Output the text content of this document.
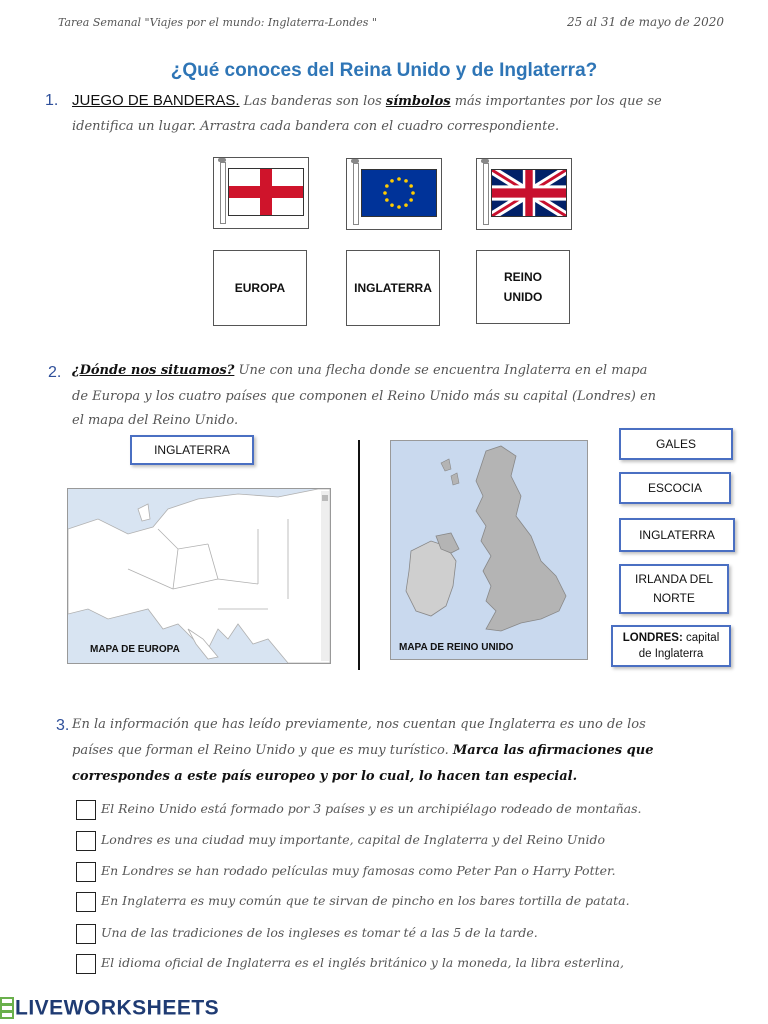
Tarea Semanal "Viajes por el mundo: Inglaterra-Londes "	25 al 31 de mayo de 2020
¿Qué conoces del Reina Unido y de Inglaterra?
1. JUEGO DE BANDERAS. Las banderas son los símbolos más importantes por los que se
identifica un lugar. Arrastra cada bandera con el cuadro correspondiente.
EUROPA	INGLATERRA
REINO
UNIDO
2. ¿Dónde nos situamos? Une con una flecha donde se encuentra Inglaterra en el mapa
de Europa y los cuatro países que componen el Reino Unido más su capital (Londres) en
el mapa del Reino Unido.
INGLATERRA
MAPA DE EUROPA	MAPA DE REINO UNIDO
GALES
ESCOCIA
INGLATERRA
IRLANDA DEL NORTE
LONDRES: capital de Inglaterra
3. En la información que has leído previamente, nos cuentan que Inglaterra es uno de los
países que forman el Reino Unido y que es muy turístico. Marca las afirmaciones que
correspondes a este país europeo y por lo cual, lo hacen tan especial.
El Reino Unido está formado por 3 países y es un archipiélago rodeado de montañas.
Londres es una ciudad muy importante, capital de Inglaterra y del Reino Unido
En Londres se han rodado películas muy famosas como Peter Pan o Harry Potter.
En Inglaterra es muy común que te sirvan de pincho en los bares tortilla de patata.
Una de las tradiciones de los ingleses es tomar té a las 5 de la tarde.
El idioma oficial de Inglaterra es el inglés británico y la moneda, la libra esterlina,
LIVEWORKSHEETS
